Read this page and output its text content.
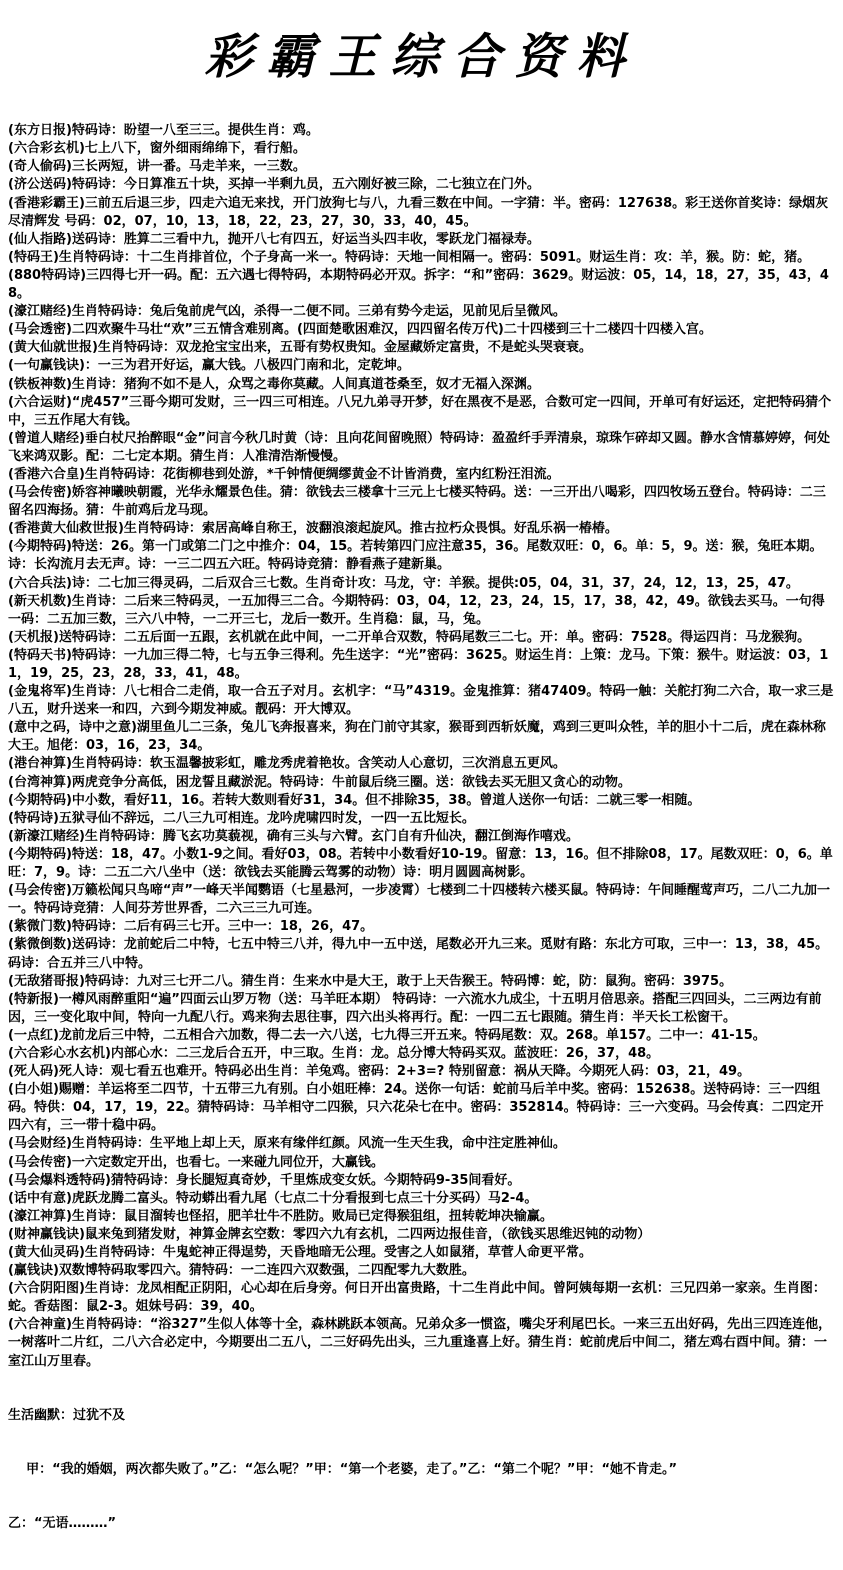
彩霸王综合资料

(东方日报)特码诗：盼望一八至三三。提供生肖：鸡。

(六合彩玄机)七上八下，窗外细雨绵绵下，看行船。

(奇人偷码)三长两短，讲一番。马走羊来，一三数。

(济公送码)特码诗：今日算准五十块，买掉一半剩九员，五六刚好被三除，二七独立在门外。

(香港彩霸王)三前五后退三步，四走六追无来找，开门放狗七与八，九看三数在中间。一字猜：半。密码：127638。彩王送你首奖诗：绿烟灰尽清辉发 号码：02，07，10，13，18，22，23，27，30，33，40，45。

(仙人指路)送码诗：胜算二三看中九，抛开八七有四五，好运当头四丰收，零跃龙门福禄寿。

(特码王)生肖特码诗：十二生肖排首位，个子身高一米一。特码诗：天地一间相隔一。密码：5091。财运生肖：攻：羊，猴。防：蛇，猪。

(880特码诗)三四得七开一码。配：五六遇七得特码，本期特码必开双。拆字：“和”密码：3629。财运波：05，14，18，27，35，43，48。

(濠江赌经)生肖特码诗：兔后兔前虎气凶，杀得一二便不同。三弟有势今走运，见前见后呈微风。

(马会透密)二四欢聚牛马壮“欢”三五情含难别离。(四面楚歌困难汉，四四留名传万代)二十四楼到三十二楼四十四楼入宫。

(黄大仙就世报)生肖特码诗：双龙抢宝宝出来，五哥有势权贵知。金屋藏娇定富贵，不是蛇头哭衰衰。

(一句赢钱诀)：一三为君开好运，赢大钱。八极四门南和北，定乾坤。

(铁板神数)生肖诗：猪狗不如不是人，众骂之毒你莫藏。人间真道苍桑至，奴才无福入深渊。

(六合运财)“虎457”三哥今期可发财，三一四三可相连。八兄九弟寻开梦，好在黑夜不是恶，合数可定一四间，开单可有好运还，定把特码猜个中，三五作尾大有钱。

(曾道人赌经)垂白杖尺抬醉眼“金”问言今秋几时黄（诗：且向花间留晚照）特码诗：盈盈纤手弄清泉，琼珠乍碎却又圆。静水含情慕婷婷，何处飞来鸿双影。配：二七定本期。猜生肖：人准清浩渐慢慢。

(香港六合皇)生肖特码诗：花街柳巷到处游，*千钟情便绸缪黄金不计皆消费，室内红粉汪泪流。

(马会传密)娇容神曦映朝霞，光华永耀景色佳。猜：欲钱去三楼拿十三元上七楼买特码。送：一三开出八喝彩，四四牧场五登台。特码诗：二三留名四海扬。猜：牛前鸡后龙马现。

(香港黄大仙救世报)生肖特码诗：索居高峰自称王，波翻浪滚起旋风。推古拉朽众畏惧。好乱乐祸一椿椿。

(今期特码)特送：26。第一门或第二门之中推介：04，15。若转第四门应注意35，36。尾数双旺：0，6。单：5，9。送：猴，兔旺本期。诗：长沟流月去无声。诗：一三二四五六旺。特码诗竞猜：静看燕子建新巢。

(六合兵法)诗：二七加三得灵码，二后双合三七数。生肖奇计攻：马龙，守：羊猴。提供:05，04，31，37，24，12，13，25，47。

(新天机数)生肖诗：二后来三特码灵，一五加得三二合。今期特码：03，04，12，23，24，15，17，38，42，49。欲钱去买马。一句得一码：二五加三数，三六八中特，一二开三七，龙后一数开。生肖稳：鼠，马，兔。

(天机报)送特码诗：二五后面一五跟，玄机就在此中间，一二开单合双数，特码尾数三二七。开：单。密码：7528。得运四肖：马龙猴狗。

(特码天书)特码诗：一九加三得二特，七与五争三得利。先生送字：“光”密码：3625。财运生肖：上策：龙马。下策：猴牛。财运波：03，11，19，25，23，28，33，41，48。

(金鬼将军)生肖诗：八七相合二走俏，取一合五子对月。玄机字：“马”4319。金鬼推算：猪47409。特码一触：关舵打狗二六合，取一求三是八五，财升送来一和四，六到今期发神威。靓码：开大博双。

(意中之码，诗中之意)湖里鱼儿二三条，兔儿飞奔报喜来，狗在门前守其家，猴哥到西斩妖魔，鸡到三更叫众牲，羊的胆小十二后，虎在森林称大王。旭佬：03，16，23，34。

(港台神算)生肖特码诗：软玉温馨披彩虹，雕龙秀虎着艳妆。含笑动人心意切，三次消息五更风。

(台湾神算)两虎竞争分高低，困龙誓且藏淤泥。特码诗：牛前鼠后绕三圈。送：欲钱去买无胆又贪心的动物。

(今期特码)中小数，看好11，16。若转大数则看好31，34。但不排除35，38。曾道人送你一句话：二就三零一相随。

(特码诗)五狱寻仙不辞远，二八三九可相连。龙吟虎啸四时发，一四一五比短长。

(新濠江赌经)生肖特码诗：腾飞玄功莫藐视，确有三头与六臂。玄门自有升仙决，翻江倒海作嘻戏。

(今期特码)特送：18，47。小数1-9之间。看好03，08。若转中小数看好10-19。留意：13，16。但不排除08，17。尾数双旺：0，6。单旺：7，9。诗：二五二六八坐中（送：欲钱去买能腾云驾雾的动物）诗：明月圆圆高树影。

(马会传密)万籁松闻只鸟啼“声”一峰天半闻鹦语（七星悬河，一步凌霄）七楼到二十四楼转六楼买鼠。特码诗：午间睡醒莺声巧，二八二九加一一。特码诗竞猜：人间芬芳世界香，二六三三九可连。

(紫微门数)特码诗：二后有码三七开。三中一：18，26，47。

(紫微倒数)送码诗：龙前蛇后二中特，七五中特三八并，得九中一五中送，尾数必开九三来。觅财有路：东北方可取，三中一：13，38，45。码诗：合五并三八中特。

(无敌猪哥报)特码诗：九对三七开二八。猜生肖：生来水中是大王，敢于上天告猴王。特码博：蛇，防：鼠狗。密码：3975。

(特新报)一樽风雨醉重阳“遍”四面云山罗万物（送：马羊旺本期） 特码诗：一六流水九成尘，十五明月倍思亲。搭配三四回头，二三两边有前因，三一变化取中间，特向一九配八行。鸡来狗去思往事，四六出头将再行。配：一四二五七跟随。猜生肖：半天长工松窗干。

(一点红)龙前龙后三中特，二五相合六加数，得二去一六八送，七九得三开五来。特码尾数：双。268。单157。二中一：41-15。

(六合彩心水玄机)内部心水：二三龙后合五开，中三取。生肖：龙。总分博大特码买双。蓝波旺：26，37，48。

(死人码)死人诗：观七看五也难开。特码必出生肖：羊兔鸡。密码：2+3=? 特别留意：祸从天降。今期死人码：03，21，49。

(白小姐)赐赠：羊运将至二四节，十五带三九有别。白小姐旺棒：24。送你一句话：蛇前马后羊中奖。密码：152638。送特码诗：三一四组码。特供：04，17，19，22。猜特码诗：马羊相守二四猴，只六花朵七在中。密码：352814。特码诗：三一六变码。马会传真：二四定开四六有，三一带十稳中码。

(马会财经)生肖特码诗：生平地上却上天，原来有缘伴红颜。风流一生天生我，命中注定胜神仙。

(马会传密)一六定数定开出，也看七。一来碰九同位开，大赢钱。

(马会爆料透特码)猜特码诗：身长腿短真奇妙，千里炼成变女妖。今期特码9-35间看好。

(话中有意)虎跃龙腾二富头。特动蟒出看九尾（七点二十分看报到七点三十分买码）马2-4。

(濠江神算)生肖诗：鼠目溜转也怪招，肥羊壮牛不胜防。败局已定得猴狙组，扭转乾坤决输赢。

(财神赢钱诀)鼠来兔到猪发财，神算金牌玄空数：零四六九有玄机，二四两边报佳音，（欲钱买思维迟钝的动物）

(黄大仙灵码)生肖特码诗：牛鬼蛇神正得逞势，天昏地暗无公理。受害之人如鼠猪，草菅人命更平常。

(赢钱诀)双数博特码取零四六。猜特码：一二连四六双数强，二四配零九大数胜。

(六合阴阳图)生肖诗：龙凤相配正阴阳，心心却在后身旁。何日开出富贵路，十二生肖此中间。曾阿姨每期一玄机：三兄四弟一家亲。生肖图：蛇。香菇图：鼠2-3。姐妹号码：39，40。

(六合神童)生肖特码诗：“浴327”生似人体等十全，森林跳跃本领高。兄弟众多一惯盗，嘴尖牙利尾巴长。一来三五出好码，先出三四连连他，一树落叶二片红，二八六合必定中，今期要出二五八，二三好码先出头，三九重逢喜上好。猜生肖：蛇前虎后中间二，猪左鸡右酉中间。猜：一室江山万里春。

生活幽默：过犹不及

甲：“我的婚姻，两次都失败了。”乙：“怎么呢？”甲：“第一个老婆，走了。”乙：“第二个呢？”甲：“她不肯走。”

乙：“无语………”
